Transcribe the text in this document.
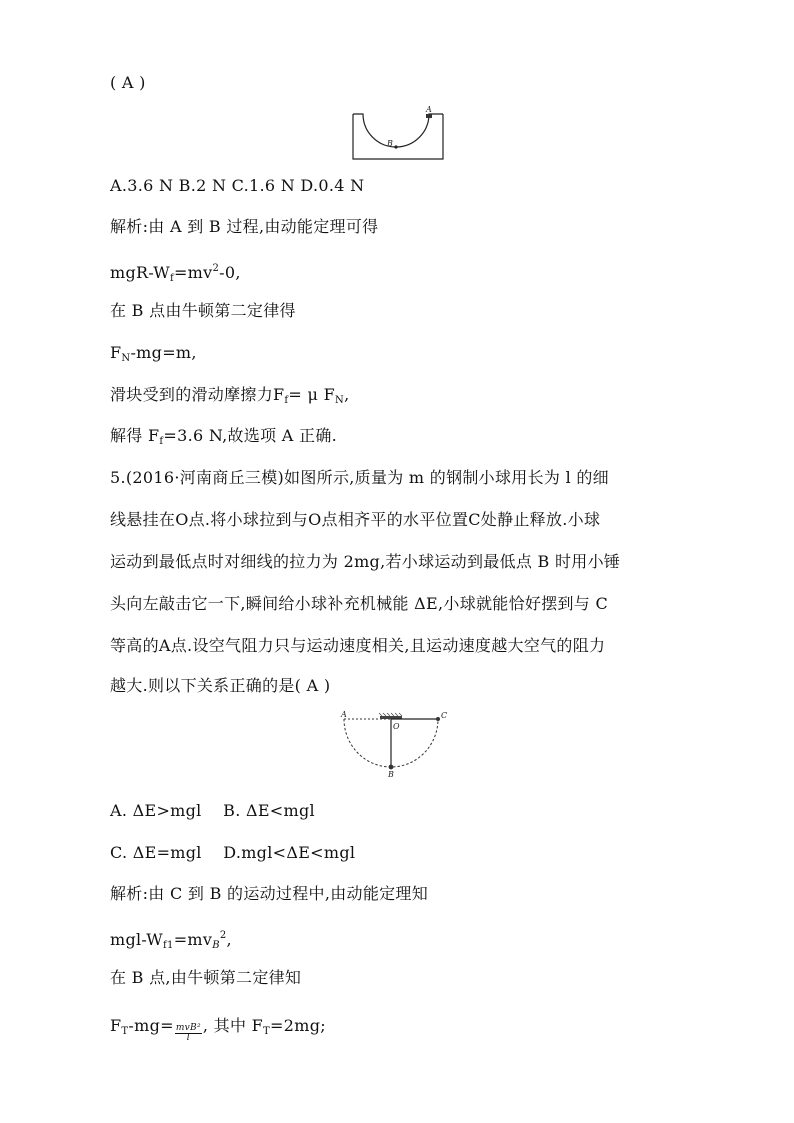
( A )
A
B
A.3.6 N B.2 N C.1.6 N D.0.4 N
解析:由 A 到 B 过程,由动能定理可得
mgR-$W_f=mv^2-0$,
在 B 点由牛顿第二定律得
$F_N-mg=m$,
滑块受到的滑动摩擦力$F_f= \mu$ $F_N$,
解得 $F_f=3.6$ N,故选项 A 正确.
5.(2016·河南商丘三模)如图所示,质量为 m 的钢制小球用长为 l 的细
线悬挂在O点.将小球拉到与O点相齐平的水平位置C处静止释放.小球
运动到最低点时对细线的拉力为 2mg,若小球运动到最低点 B 时用小锤
头向左敲击它一下,瞬间给小球补充机械能 ΔE,小球就能恰好摆到与 C
等高的A点.设空气阻力只与运动速度相关,且运动速度越大空气的阻力
越大.则以下关系正确的是( A )
A	C
O
B
A. ΔE>mgl    B. ΔE<mgl
C. ΔE=mgl    D.mgl<ΔE<mgl
解析:由 C 到 B 的运动过程中,由动能定理知
mgl-$W_{f1}=mv_B^2$,
在 B 点,由牛顿第二定律知
$F_T-mg= \frac{\text{mvB²}}{l}$ , 其中 $F_T=2mg$;
